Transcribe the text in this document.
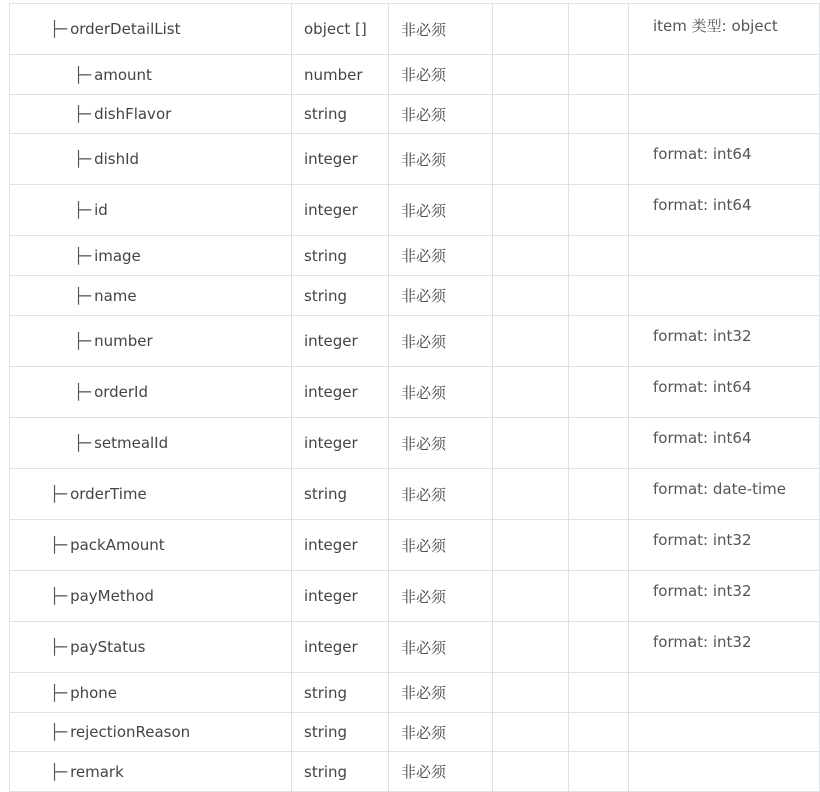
├─ orderDetailList	object []	非必须			item 类型: object
├─ amount	number	非必须			
├─ dishFlavor	string	非必须			
├─ dishId	integer	非必须			format: int64
├─ id	integer	非必须			format: int64
├─ image	string	非必须			
├─ name	string	非必须			
├─ number	integer	非必须			format: int32
├─ orderId	integer	非必须			format: int64
├─ setmealId	integer	非必须			format: int64
├─ orderTime	string	非必须			format: date-time
├─ packAmount	integer	非必须			format: int32
├─ payMethod	integer	非必须			format: int32
├─ payStatus	integer	非必须			format: int32
├─ phone	string	非必须			
├─ rejectionReason	string	非必须			
├─ remark	string	非必须			
